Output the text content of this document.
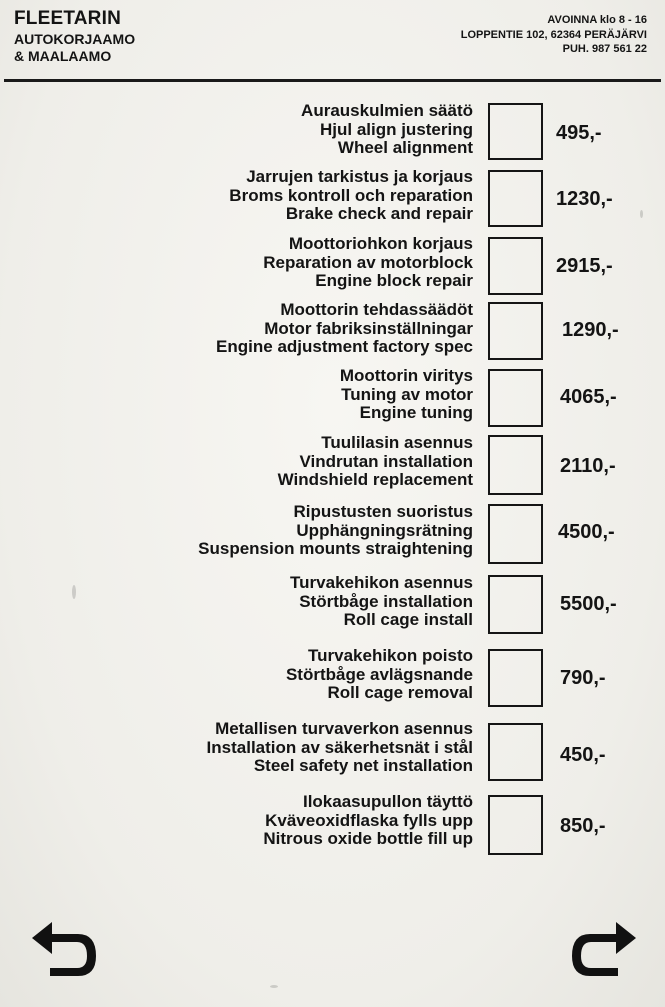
FLEETARIN
AUTOKORJAAMO
& MAALAAMO
AVOINNA klo 8 - 16
LOPPENTIE 102, 62364 PERÄJÄRVI
PUH. 987 561 22
Aurauskulmien säätö
Hjul align justering
Wheel alignment
495,-
Jarrujen tarkistus ja korjaus
Broms kontroll och reparation
Brake check and repair
1230,-
Moottoriohkon korjaus
Reparation av motorblock
Engine block repair
2915,-
Moottorin tehdassäädöt
Motor fabriksinställningar
Engine adjustment factory spec
1290,-
Moottorin viritys
Tuning av motor
Engine tuning
4065,-
Tuulilasin asennus
Vindrutan installation
Windshield replacement
2110,-
Ripustusten suoristus
Upphängningsrätning
Suspension mounts straightening
4500,-
Turvakehikon asennus
Störtbåge installation
Roll cage install
5500,-
Turvakehikon poisto
Störtbåge avlägsnande
Roll cage removal
790,-
Metallisen turvaverkon asennus
Installation av säkerhetsnät i stål
Steel safety net installation	450,-
Ilokaasupullon täyttö
Kväveoxidflaska fylls upp
Nitrous oxide bottle fill up
850,-
